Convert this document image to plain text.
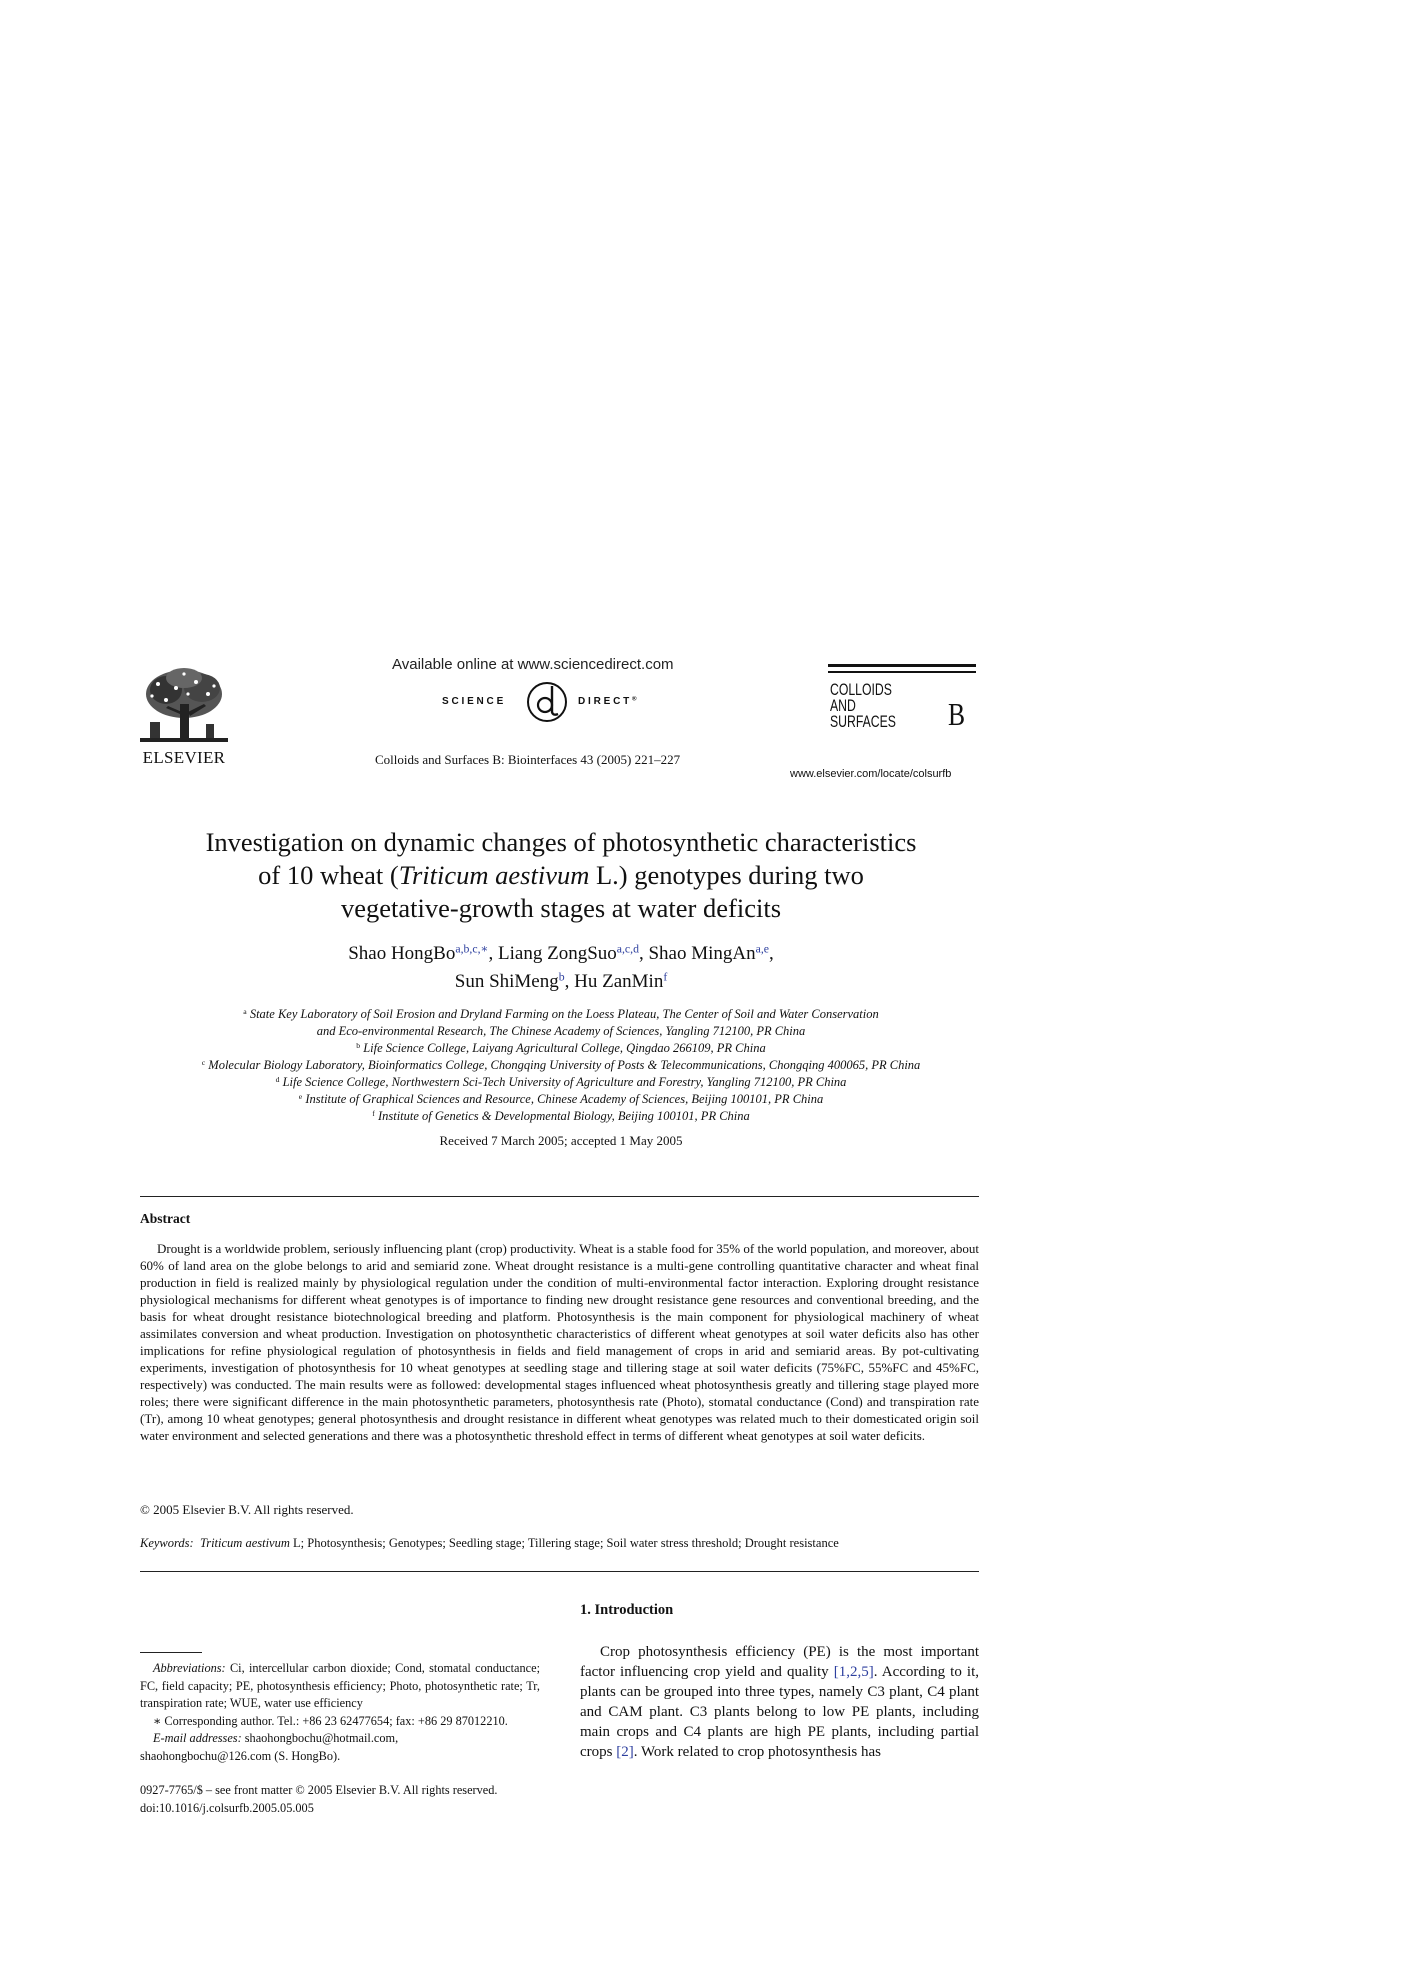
ELSEVIER
Available online at www.sciencedirect.com
SCIENCE	DIRECT®
Colloids and Surfaces B: Biointerfaces 43 (2005) 221–227
COLLOIDS
AND
SURFACES B
www.elsevier.com/locate/colsurfb
Investigation on dynamic changes of photosynthetic characteristics
of 10 wheat (Triticum aestivum L.) genotypes during two
vegetative-growth stages at water deficits
Shao HongBo$^{a,b,c,∗}$, Liang ZongSuo$^{a,c,d}$, Shao MingAn$^{a,e}$,
Sun ShiMeng$^b$, Hu ZanMin$^f$
$^a$ State Key Laboratory of Soil Erosion and Dryland Farming on the Loess Plateau, The Center of Soil and Water Conservation
and Eco-environmental Research, The Chinese Academy of Sciences, Yangling 712100, PR China
$^b$ Life Science College, Laiyang Agricultural College, Qingdao 266109, PR China
$^c$ Molecular Biology Laboratory, Bioinformatics College, Chongqing University of Posts & Telecommunications, Chongqing 400065, PR China
$^d$ Life Science College, Northwestern Sci-Tech University of Agriculture and Forestry, Yangling 712100, PR China
$^e$ Institute of Graphical Sciences and Resource, Chinese Academy of Sciences, Beijing 100101, PR China
$^f$ Institute of Genetics & Developmental Biology, Beijing 100101, PR China
Received 7 March 2005; accepted 1 May 2005
Abstract

Drought is a worldwide problem, seriously influencing plant (crop) productivity. Wheat is a stable food for 35% of the world population, and moreover, about 60% of land area on the globe belongs to arid and semiarid zone. Wheat drought resistance is a multi-gene controlling quantitative character and wheat final production in field is realized mainly by physiological regulation under the condition of multi-environmental factor interaction. Exploring drought resistance physiological mechanisms for different wheat genotypes is of importance to finding new drought resistance gene resources and conventional breeding, and the basis for wheat drought resistance biotechnological breeding and platform. Photosynthesis is the main component for physiological machinery of wheat assimilates conversion and wheat production. Investigation on photosynthetic characteristics of different wheat genotypes at soil water deficits also has other implications for refine physiological regulation of photosynthesis in fields and field management of crops in arid and semiarid areas. By pot-cultivating experiments, investigation of photosynthesis for 10 wheat genotypes at seedling stage and tillering stage at soil water deficits (75%FC, 55%FC and 45%FC, respectively) was conducted. The main results were as followed: developmental stages influenced wheat photosynthesis greatly and tillering stage played more roles; there were significant difference in the main photosynthetic parameters, photosynthesis rate (Photo), stomatal conductance (Cond) and transpiration rate (Tr), among 10 wheat genotypes; general photosynthesis and drought resistance in different wheat genotypes was related much to their domesticated origin soil water environment and selected generations and there was a photosynthetic threshold effect in terms of different wheat genotypes at soil water deficits.

© 2005 Elsevier B.V. All rights reserved.
Keywords: Triticum aestivum L; Photosynthesis; Genotypes; Seedling stage; Tillering stage; Soil water stress threshold; Drought resistance

Abbreviations: Ci, intercellular carbon dioxide; Cond, stomatal conductance; FC, field capacity; PE, photosynthesis efficiency; Photo, photosynthetic rate; Tr, transpiration rate; WUE, water use efficiency

∗ Corresponding author. Tel.: +86 23 62477654; fax: +86 29 87012210.

E-mail addresses: shaohongbochu@hotmail.com,

shaohongbochu@126.com (S. HongBo).
0927-7765/$ – see front matter © 2005 Elsevier B.V. All rights reserved.
doi:10.1016/j.colsurfb.2005.05.005
1. Introduction

Crop photosynthesis efficiency (PE) is the most important factor influencing crop yield and quality [1,2,5]. According to it, plants can be grouped into three types, namely C3 plant, C4 plant and CAM plant. C3 plants belong to low PE plants, including main crops and C4 plants are high PE plants, including partial crops [2]. Work related to crop photosynthesis has
